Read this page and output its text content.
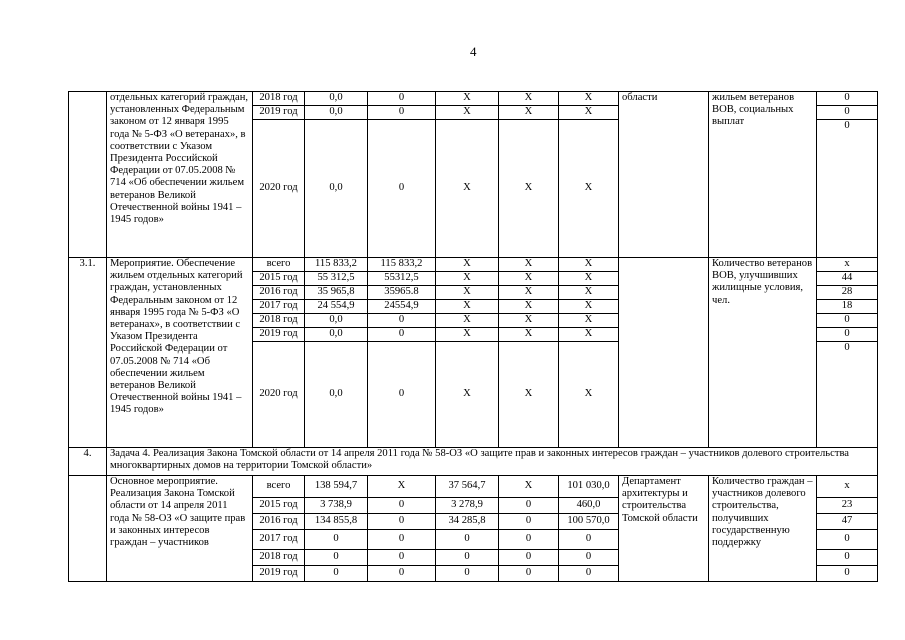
4
	отдельных категорий граждан, установленных Федеральным законом от 12 января 1995 года № 5-ФЗ «О ветеранах», в соответствии с Указом Президента Российской Федерации от 07.05.2008 № 714 «Об обеспечении жильем ветеранов Великой Отечественной войны 1941 – 1945 годов»	2018 год	0,0	0	X	X	X	области	жильем ветеранов ВОВ, социальных выплат	0
		2019 год	0,0	0	X	X	X			0
		2020 год	0,0	0	X	X	X			0
3.1.	Мероприятие. Обеспечение жильем отдельных категорий граждан, установленных Федеральным законом от 12 января 1995 года № 5-ФЗ «О ветеранах», в соответствии с Указом Президента Российской Федерации от 07.05.2008 № 714 «Об обеспечении жильем ветеранов Великой Отечественной войны 1941 – 1945 годов»	всего	115 833,2	115 833,2	X	X	X		Количество ветеранов ВОВ, улучшивших жилищные условия, чел.	x
		2015 год	55 312,5	55312,5	X	X	X			44
		2016 год	35 965,8	35965.8	X	X	X			28
		2017 год	24 554,9	24554,9	X	X	X			18
		2018 год	0,0	0	X	X	X			0
		2019 год	0,0	0	X	X	X			0
		2020 год	0,0	0	X	X	X			0
4.	Задача 4. Реализация Закона Томской области от 14 апреля 2011 года № 58-ОЗ «О защите прав и законных интересов граждан – участников долевого строительства многоквартирных домов на территории Томской области»									
	Основное мероприятие. Реализация Закона Томской области от 14 апреля 2011 года № 58-ОЗ «О защите прав и законных интересов граждан – участников	всего	138 594,7	X	37 564,7	X	101 030,0	Департамент архитектуры и строительства Томской области	Количество граждан – участников долевого строительства, получивших государственную поддержку	x
		2015 год	3 738,9	0	3 278,9	0	460,0			23
		2016 год	134 855,8	0	34 285,8	0	100 570,0			47
		2017 год	0	0	0	0	0			0
		2018 год	0	0	0	0	0			0
		2019 год	0	0	0	0	0			0
